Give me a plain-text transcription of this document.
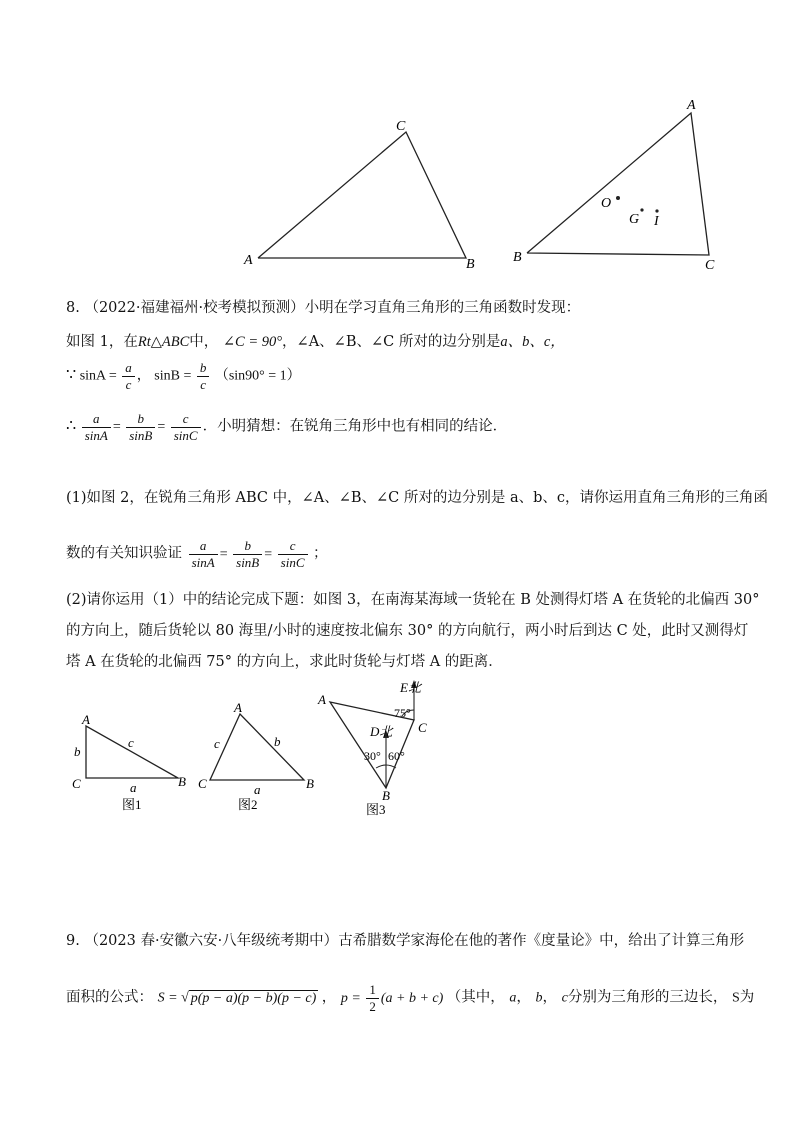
A	B
C
A
B
C
O
G I
8. （2022·福建福州·校考模拟预测）小明在学习直角三角形的三角函数时发现：
如图 1，在Rt△ABC中， ∠C = 90°，∠A、∠B、∠C 所对的边分别是a、b、c，
∵ $\sin A = \frac{a}{c}$ ， $\sin B = \frac{b}{c} (\sin 90^\circ = 1)$
∴ $\frac{a}{\sin A} = \frac{b}{\sin B} = \frac{c}{\sin C}$ ．小明猜想：在锐角三角形中也有相同的结论．
(1)如图 2，在锐角三角形 ABC 中，∠A、∠B、∠C 所对的边分别是 a、b、c，请你运用直角三角形的三角函
数的有关知识验证 $\frac{a}{\sin A} = \frac{b}{\sin B} = \frac{c}{\sin C}$ ；
(2)请你运用（1）中的结论完成下题：如图 3，在南海某海域一货轮在 B 处测得灯塔 A 在货轮的北偏西 30°
的方向上，随后货轮以 80 海里/小时的速度按北偏东 30° 的方向航行，两小时后到达 C 处，此时又测得灯
塔 A 在货轮的北偏西 75° 的方向上，求此时货轮与灯塔 A 的距离．
A
b
c
C	a	B
图1
A
c	b
C	a	B
图2
A
E北
75°
C
D北
30° 60°
B
图3
9. （2023 春·安徽六安·八年级统考期中）古希腊数学家海伦在他的著作《度量论》中，给出了计算三角形
面积的公式： S = √ p(p − a)(p − b)(p − c) ， $p = \frac{1}{2} (a + b + c)$ （其中， a， b， c分别为三角形的三边长， S为
